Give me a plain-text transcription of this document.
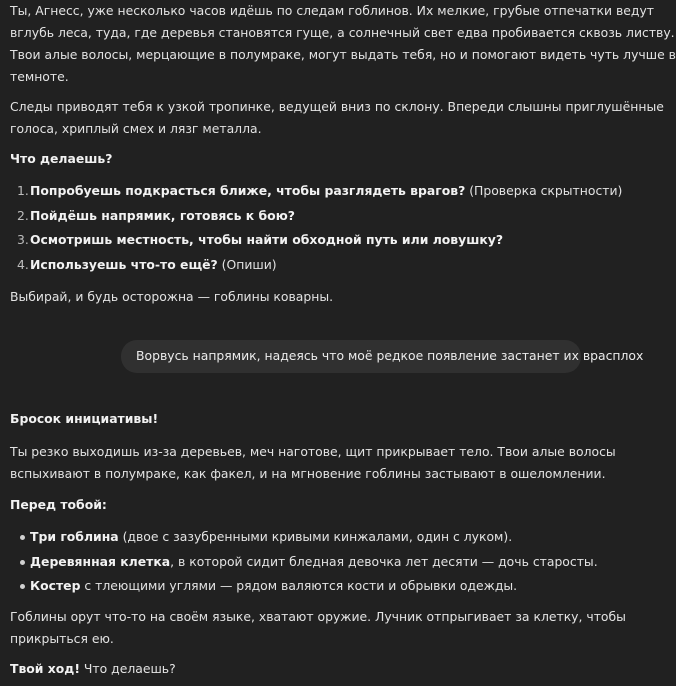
Ты, Агнесс, уже несколько часов идёшь по следам гоблинов. Их мелкие, грубые отпечатки ведут
вглубь леса, туда, где деревья становятся гуще, а солнечный свет едва пробивается сквозь листву.
Твои алые волосы, мерцающие в полумраке, могут выдать тебя, но и помогают видеть чуть лучше в
темноте.

Следы приводят тебя к узкой тропинке, ведущей вниз по склону. Впереди слышны приглушённые
голоса, хриплый смех и лязг металла.

Что делаешь?

1. Попробуешь подкрасться ближе, чтобы разглядеть врагов? (Проверка скрытности)
2. Пойдёшь напрямик, готовясь к бою?
3. Осмотришь местность, чтобы найти обходной путь или ловушку?
4. Используешь что-то ещё? (Опиши)

Выбирай, и будь осторожна — гоблины коварны.

Бросок инициативы!

Ты резко выходишь из-за деревьев, меч наготове, щит прикрывает тело. Твои алые волосы
вспыхивают в полумраке, как факел, и на мгновение гоблины застывают в ошеломлении.

Перед тобой:

Три гоблина (двое с зазубренными кривыми кинжалами, один с луком).
Деревянная клетка, в которой сидит бледная девочка лет десяти — дочь старосты.
Костер с тлеющими углями — рядом валяются кости и обрывки одежды.

Гоблины орут что-то на своём языке, хватают оружие. Лучник отпрыгивает за клетку, чтобы
прикрыться ею.

Твой ход! Что делаешь?

Ворвусь напрямик, надеясь что моё редкое появление застанет их врасплох
